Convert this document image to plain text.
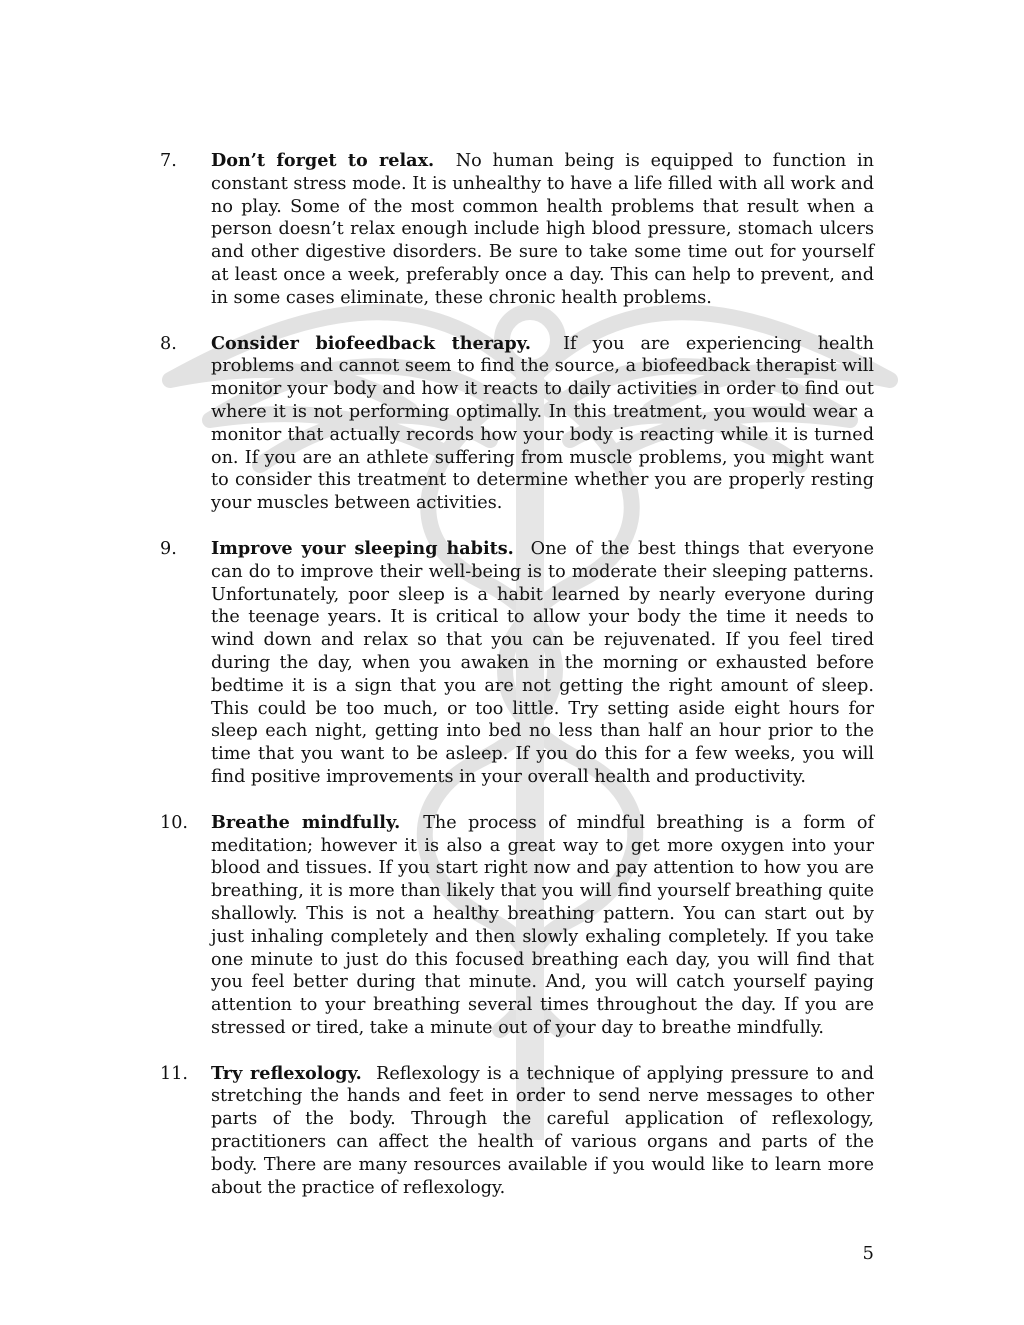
7.	Don’t forget to relax. No human being is equipped to function in constant stress mode. It is unhealthy to have a life filled with all work and no play. Some of the most common health problems that result when a person doesn’t relax enough include high blood pressure, stomach ulcers and other digestive disorders. Be sure to take some time out for yourself at least once a week, preferably once a day. This can help to prevent, and in some cases eliminate, these chronic health problems.
8.	Consider biofeedback therapy. If you are experiencing health problems and cannot seem to find the source, a biofeedback therapist will monitor your body and how it reacts to daily activities in order to find out where it is not performing optimally. In this treatment, you would wear a monitor that actually records how your body is reacting while it is turned on. If you are an athlete suffering from muscle problems, you might want to consider this treatment to determine whether you are properly resting your muscles between activities.
9.	Improve your sleeping habits. One of the best things that everyone can do to improve their well-being is to moderate their sleeping patterns. Unfortunately, poor sleep is a habit learned by nearly everyone during the teenage years. It is critical to allow your body the time it needs to wind down and relax so that you can be rejuvenated. If you feel tired during the day, when you awaken in the morning or exhausted before bedtime it is a sign that you are not getting the right amount of sleep. This could be too much, or too little. Try setting aside eight hours for sleep each night, getting into bed no less than half an hour prior to the time that you want to be asleep. If you do this for a few weeks, you will find positive improvements in your overall health and productivity.
10.	Breathe mindfully. The process of mindful breathing is a form of meditation; however it is also a great way to get more oxygen into your blood and tissues. If you start right now and pay attention to how you are breathing, it is more than likely that you will find yourself breathing quite shallowly. This is not a healthy breathing pattern. You can start out by just inhaling completely and then slowly exhaling completely. If you take one minute to just do this focused breathing each day, you will find that you feel better during that minute. And, you will catch yourself paying attention to your breathing several times throughout the day. If you are stressed or tired, take a minute out of your day to breathe mindfully.
11.	Try reflexology. Reflexology is a technique of applying pressure to and stretching the hands and feet in order to send nerve messages to other parts of the body. Through the careful application of reflexology, practitioners can affect the health of various organs and parts of the body. There are many resources available if you would like to learn more about the practice of reflexology.
5
